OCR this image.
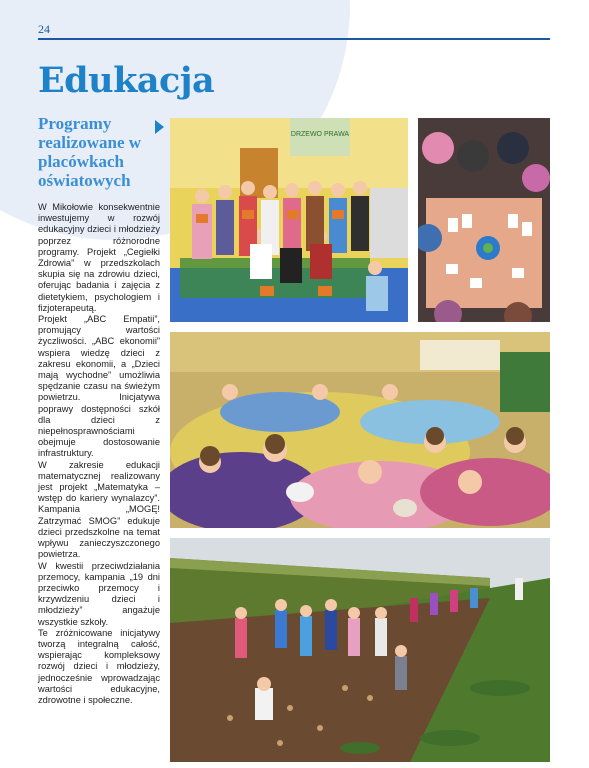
24
Edukacja
Programy realizowane w placówkach oświatowych

W Mikołowie konsekwentnie inwestujemy w rozwój edukacyjny dzieci i młodzieży poprzez różnorodne programy. Projekt „Cegiełki Zdrowia” w przedszkolach skupia się na zdrowiu dzieci, oferując badania i zajęcia z dietetykiem, psychologiem i fizjoterapeutą.

Projekt „ABC Empatii”, promujący wartości życzliwości. „ABC ekonomii” wspiera wiedzę dzieci z zakresu ekonomii, a „Dzieci mają wychodne” umożliwia spędzanie czasu na świeżym powietrzu. Inicjatywa poprawy dostępności szkół dla dzieci z niepełnosprawnościami obejmuje dostosowanie infrastruktury.

W zakresie edukacji matematycznej realizowany jest projekt „Matematyka – wstęp do kariery wynalazcy”. Kampania „MOGĘ! Zatrzymać SMOG” edukuje dzieci przedszkolne na temat wpływu zanieczyszczonego powietrza.

W kwestii przeciwdziałania przemocy, kampania „19 dni przeciwko przemocy i krzywdzeniu dzieci i młodzieży” angażuje wszystkie szkoły.

Te zróżnicowane inicjatywy tworzą integralną całość, wspierając kompleksowy rozwój dzieci i młodzieży, jednocześnie wprowadzając wartości edukacyjne, zdrowotne i społeczne.

DRZEWO PRAWA
